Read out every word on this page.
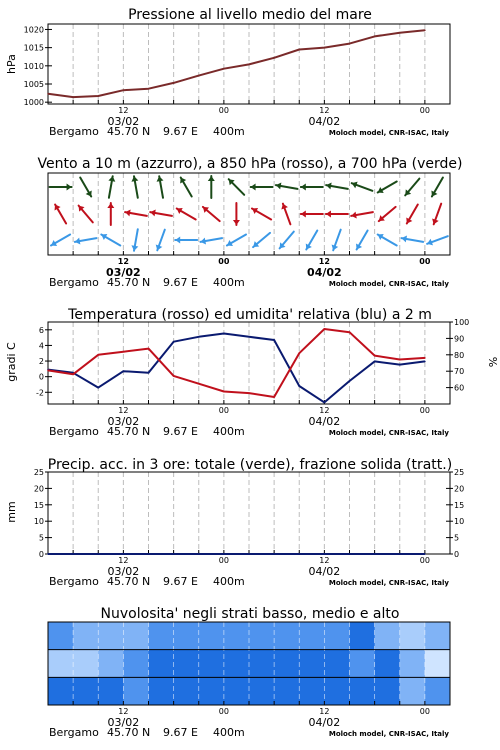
Pressione al livello medio del mare
hPa
Vento a 10 m (azzurro), a 850 hPa (rosso), a 700 hPa (verde)
Temperatura (rosso) ed umidita' relativa (blu) a 2 m
gradi C	%
Precip. acc. in 3 ore: totale (verde), frazione solida (tratt.)
mm
Nuvolosita' negli strati basso, medio e alto
1000
1005
1010
1015
1020
12	00	12	00
03/02	04/02
Bergamo 45.70 N 9.67 E 400m	Moloch model, CNR-ISAC, Italy
12	00	12	00
03/02	04/02
Bergamo 45.70 N 9.67 E 400m	Moloch model, CNR-ISAC, Italy
-2
0
2
4
6
60
70
80
90
100
12	00	12	00
03/02	04/02
Bergamo 45.70 N 9.67 E 400m	Moloch model, CNR-ISAC, Italy
0
5
10
15
20
25
0
5
10
15
20
25
12	00	12	00
03/02	04/02
Bergamo 45.70 N 9.67 E 400m	Moloch model, CNR-ISAC, Italy
12	00	12	00
03/02	04/02
Bergamo 45.70 N 9.67 E 400m	Moloch model, CNR-ISAC, Italy
